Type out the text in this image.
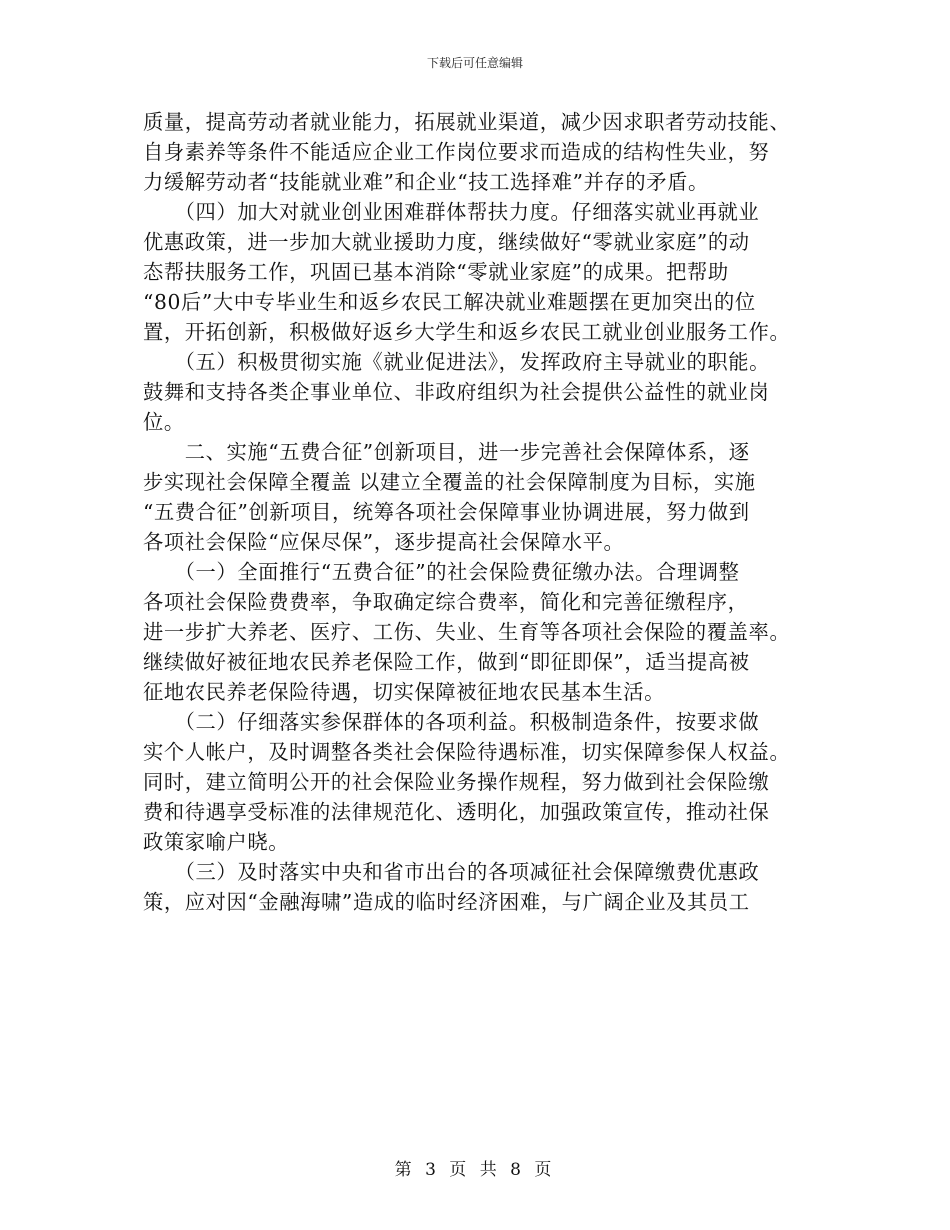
下载后可任意编辑
质量，提高劳动者就业能力，拓展就业渠道，减少因求职者劳动技能、
自身素养等条件不能适应企业工作岗位要求而造成的结构性失业，努
力缓解劳动者“技能就业难”和企业“技工选择难”并存的矛盾。
　　（四）加大对就业创业困难群体帮扶力度。仔细落实就业再就业
优惠政策，进一步加大就业援助力度，继续做好“零就业家庭”的动
态帮扶服务工作，巩固已基本消除“零就业家庭”的成果。把帮助
“80后”大中专毕业生和返乡农民工解决就业难题摆在更加突出的位
置，开拓创新，积极做好返乡大学生和返乡农民工就业创业服务工作。
　　（五）积极贯彻实施《就业促进法》，发挥政府主导就业的职能。
鼓舞和支持各类企事业单位、非政府组织为社会提供公益性的就业岗
位。
　　二、实施“五费合征”创新项目，进一步完善社会保障体系，逐
步实现社会保障全覆盖 以建立全覆盖的社会保障制度为目标，实施
“五费合征”创新项目，统筹各项社会保障事业协调进展，努力做到
各项社会保险“应保尽保”，逐步提高社会保障水平。
　　（一）全面推行“五费合征”的社会保险费征缴办法。合理调整
各项社会保险费费率，争取确定综合费率，简化和完善征缴程序，
进一步扩大养老、医疗、工伤、失业、生育等各项社会保险的覆盖率。
继续做好被征地农民养老保险工作，做到“即征即保”，适当提高被
征地农民养老保险待遇，切实保障被征地农民基本生活。
　　（二）仔细落实参保群体的各项利益。积极制造条件，按要求做
实个人帐户，及时调整各类社会保险待遇标准，切实保障参保人权益。
同时，建立简明公开的社会保险业务操作规程，努力做到社会保险缴
费和待遇享受标准的法律规范化、透明化，加强政策宣传，推动社保
政策家喻户晓。
　　（三）及时落实中央和省市出台的各项减征社会保障缴费优惠政
策，应对因“金融海啸”造成的临时经济困难，与广阔企业及其员工
第 3 页 共 8 页
